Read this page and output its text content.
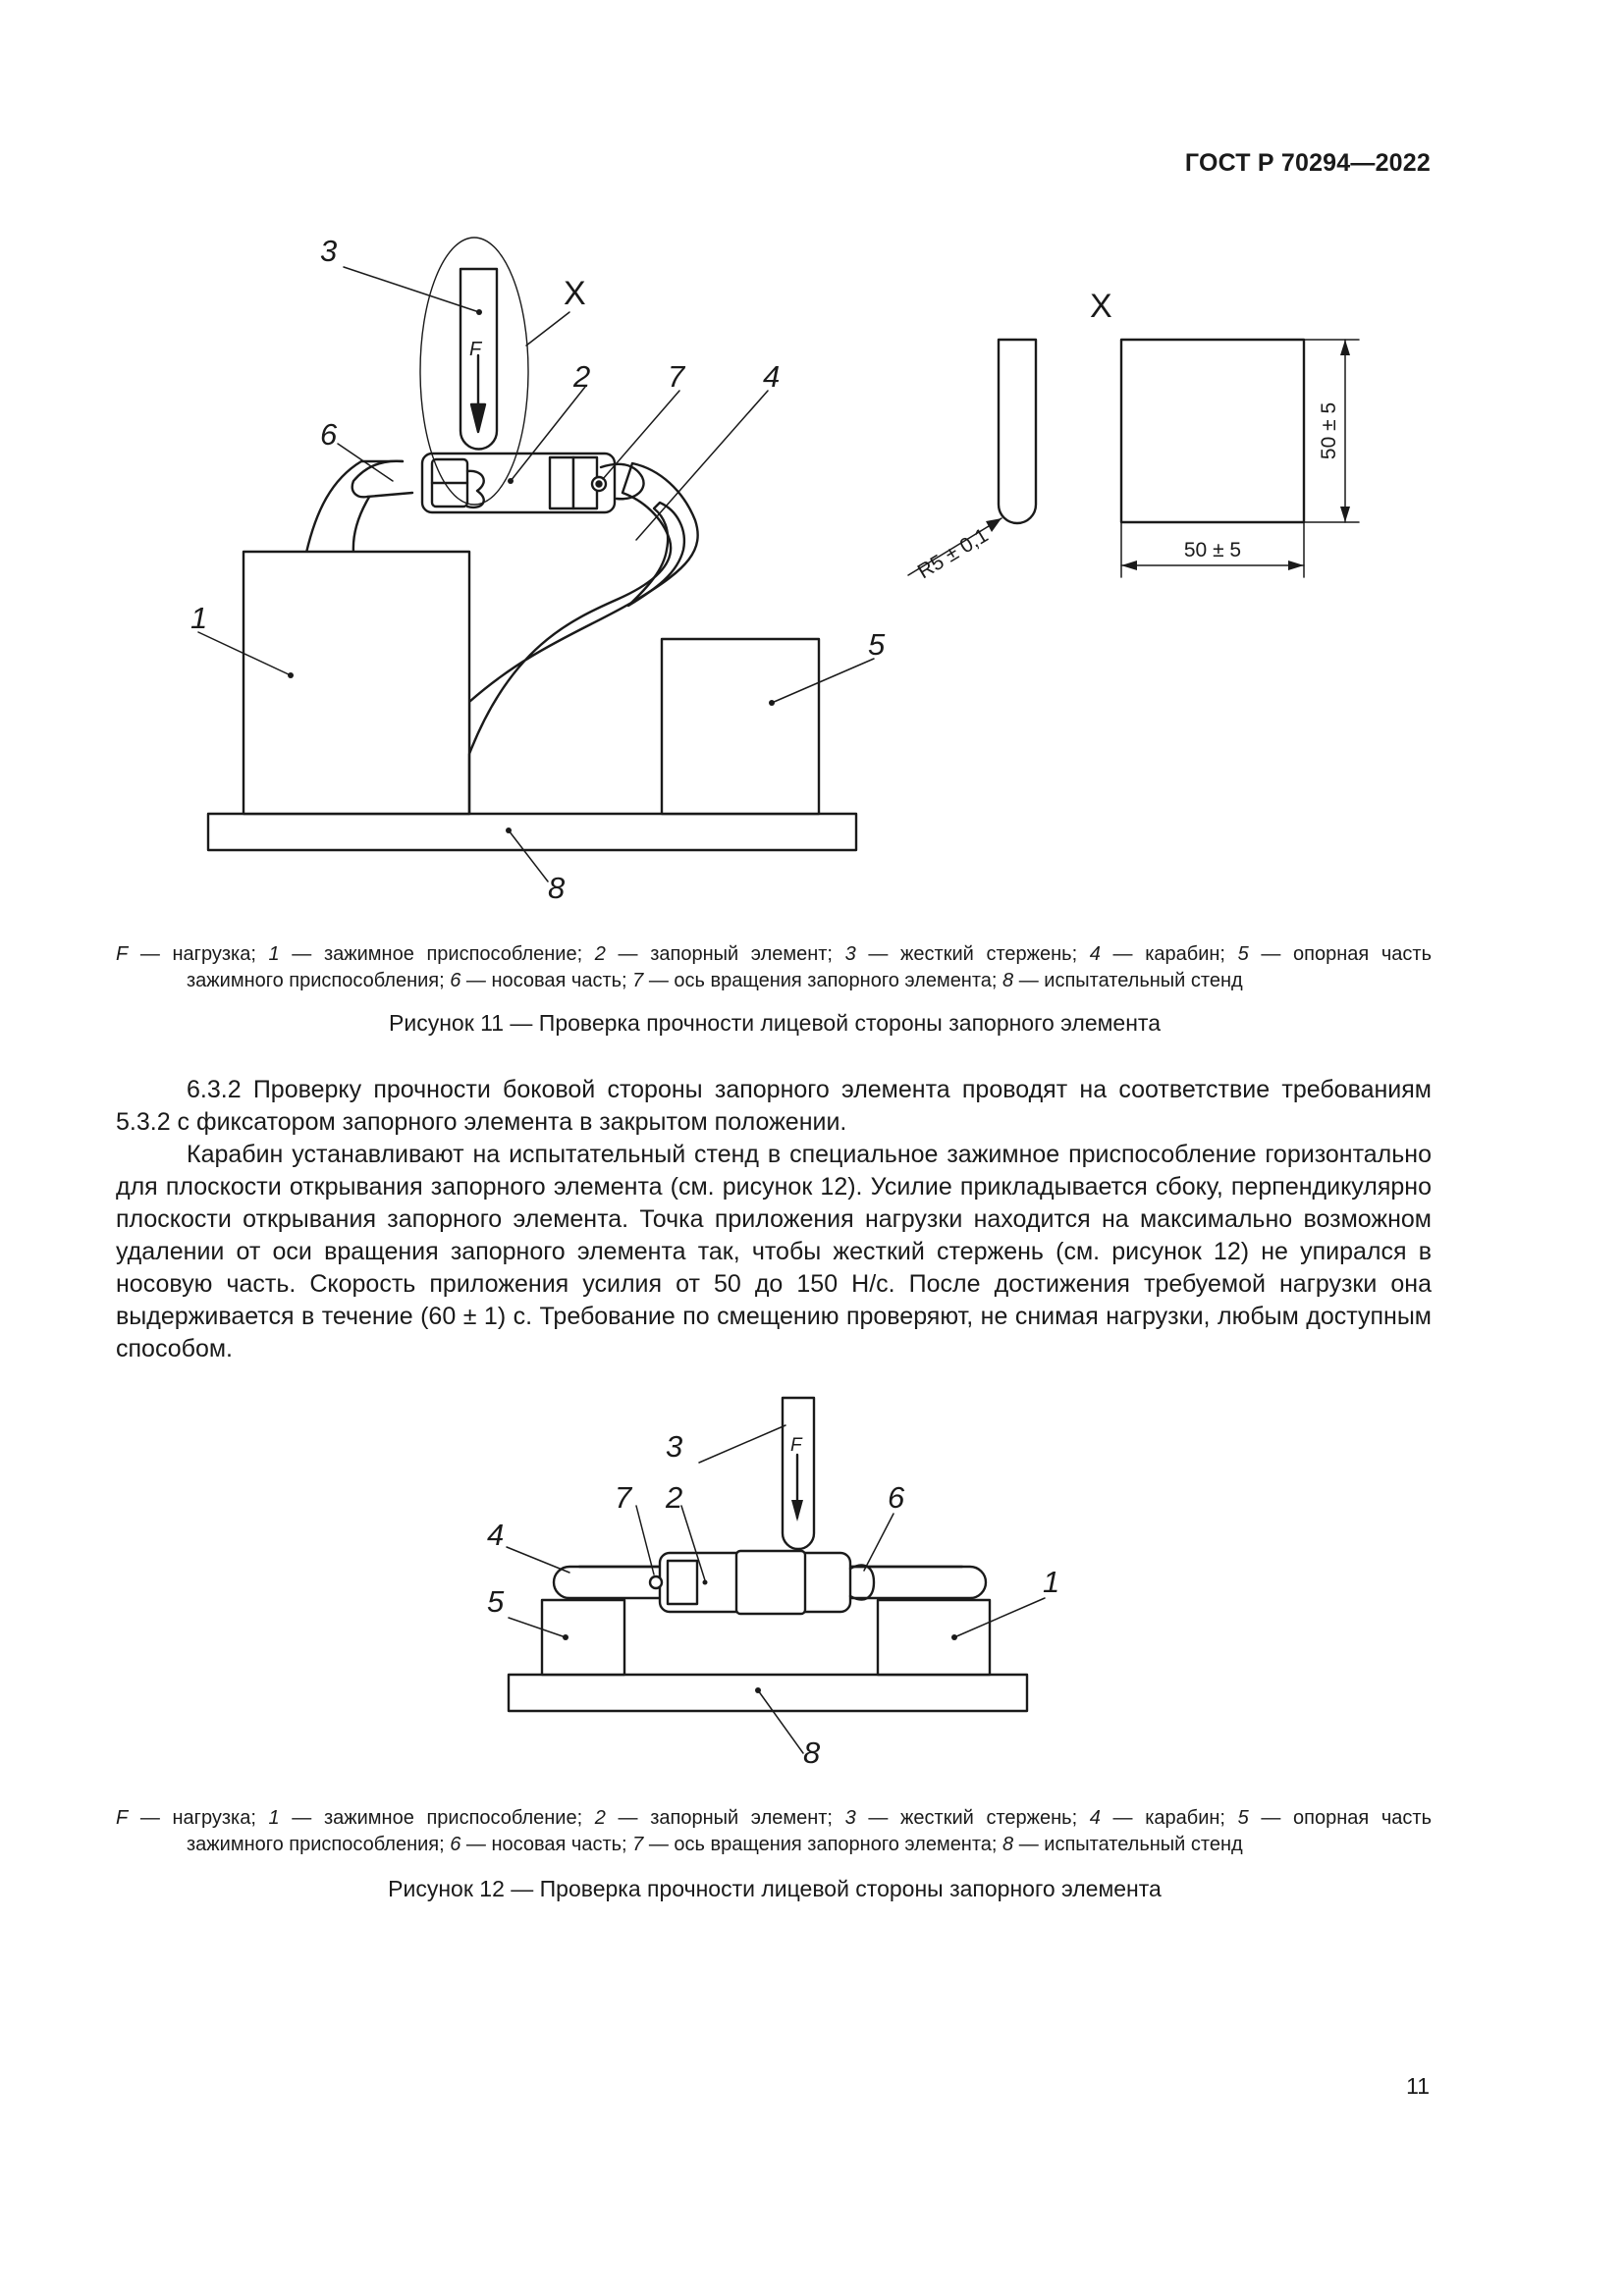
ГОСТ Р 70294—2022
3
6
2	7	4
1
5
8
X
F
X
R5 ± 0,1
50 ± 5
50 ± 5
F — нагрузка; 1 — зажимное приспособление; 2 — запорный элемент; 3 — жесткий стержень; 4 — карабин; 5 — опорная часть
зажимного приспособления; 6 — носовая часть; 7 — ось вращения запорного элемента; 8 — испытательный стенд
Рисунок 11 — Проверка прочности лицевой стороны запорного элемента

6.3.2 Проверку прочности боковой стороны запорного элемента проводят на соответствие требованиям 5.3.2 с фиксатором запорного элемента в закрытом положении.

Карабин устанавливают на испытательный стенд в специальное зажимное приспособление горизонтально для плоскости открывания запорного элемента (см. рисунок 12). Усилие прикладывается сбоку, перпендикулярно плоскости открывания запорного элемента. Точка приложения нагрузки находится на максимально возможном удалении от оси вращения запорного элемента так, чтобы жесткий стержень (см. рисунок 12) не упирался в носовую часть. Скорость приложения усилия от 50 до 150 Н/с. После достижения требуемой нагрузки она выдерживается в течение (60 ± 1) с. Требование по смещению проверяют, не снимая нагрузки, любым доступным способом.

3
7 2	6
4
5
1
8
F
F — нагрузка; 1 — зажимное приспособление; 2 — запорный элемент; 3 — жесткий стержень; 4 — карабин; 5 — опорная часть
зажимного приспособления; 6 — носовая часть; 7 — ось вращения запорного элемента; 8 — испытательный стенд
Рисунок 12 — Проверка прочности лицевой стороны запорного элемента
11
